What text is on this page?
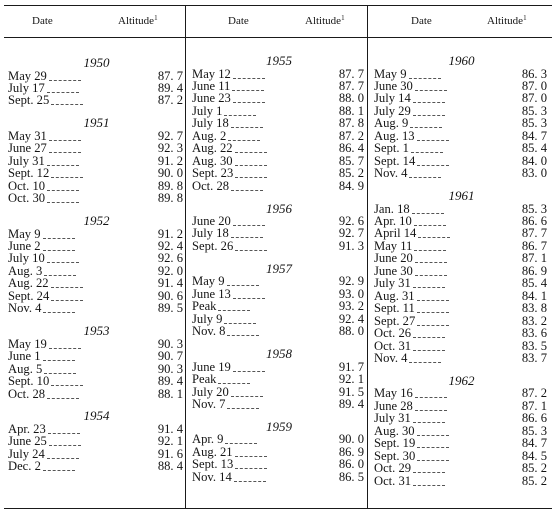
Date	Altitude$^1$	Date	Altitude$^1$	Date	Altitude$^1$
1950
May 29	87. 7
July 17	89. 4
Sept. 25	87. 2
1951
May 31	92. 7
June 27	92. 3
July 31	91. 2
Sept. 12	90. 0
Oct. 10	89. 8
Oct. 30	89. 8
1952
May 9	91. 2
June 2	92. 4
July 10	92. 6
Aug. 3	92. 0
Aug. 22	91. 4
Sept. 24	90. 6
Nov. 4	89. 5
1953
May 19	90. 3
June 1	90. 7
Aug. 5	90. 3
Sept. 10	89. 4
Oct. 28	88. 1
1954
Apr. 23	91. 4
June 25	92. 1
July 24	91. 6
Dec. 2	88. 4
1955
May 12	87. 7
June 11	87. 7
June 23	88. 0
July 1	88. 1
July 18	87. 8
Aug. 2	87. 2
Aug. 22	86. 4
Aug. 30	85. 7
Sept. 23	85. 2
Oct. 28	84. 9
1956
June 20	92. 6
July 18	92. 7
Sept. 26	91. 3
1957
May 9	92. 9
June 13	93. 0
Peak	93. 2
July 9	92. 4
Nov. 8	88. 0
1958
June 19	91. 7
Peak	92. 1
July 20	91. 5
Nov. 7	89. 4
1959
Apr. 9	90. 0
Aug. 21	86. 9
Sept. 13	86. 0
Nov. 14	86. 5
1960
May 9	86. 3
June 30	87. 0
July 14	87. 0
July 29	85. 3
Aug. 9	85. 3
Aug. 13	84. 7
Sept. 1	85. 4
Sept. 14	84. 0
Nov. 4	83. 0
1961
Jan. 18	85. 3
Apr. 10	86. 6
April 14	87. 7
May 11	86. 7
June 20	87. 1
June 30	86. 9
July 31	85. 4
Aug. 31	84. 1
Sept. 11	83. 8
Sept. 27	83. 2
Oct. 26	83. 6
Oct. 31	83. 5
Nov. 4	83. 7
1962
May 16	87. 2
June 28	87. 1
July 31	86. 6
Aug. 30	85. 3
Sept. 19	84. 7
Sept. 30	84. 5
Oct. 29	85. 2
Oct. 31	85. 2
